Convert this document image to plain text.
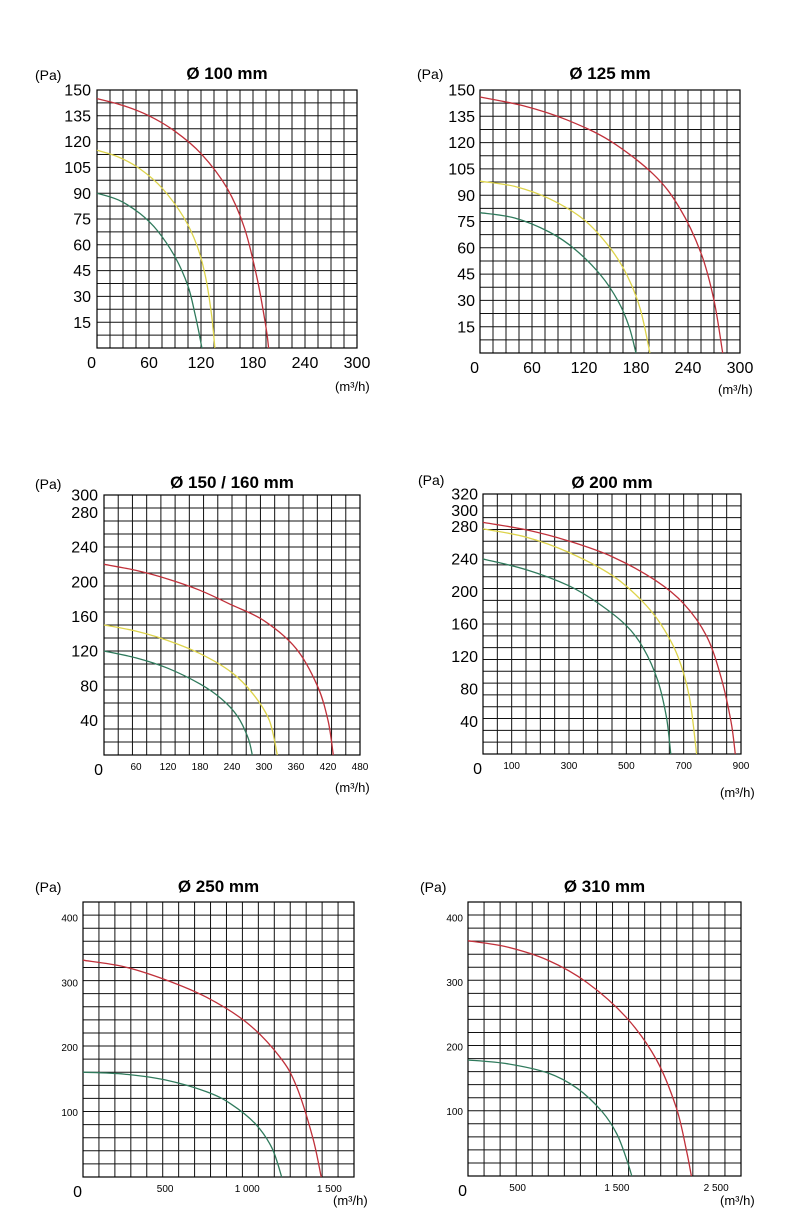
Ø 100 mm
(Pa)
(m³/h)
15
30
45
60
75
90
105
120
135
150
0	60 120 180 240 300
Ø 125 mm
(Pa)
(m³/h)
15
30
45
60
75
90
105
120
135
150
0	60 120 180 240 300
Ø 150 / 160 mm
(Pa)
(m³/h)
40
80
120
160
200
240
280
300
0	60 120 180 240 300 360 420 480
Ø 200 mm
(Pa)
(m³/h)
40
80
120
160
200
240
280
300
320
0 100	300	500	700	900
Ø 250 mm
(Pa)
(m³/h)
100
200
300
400
0	500	1 000	1 500
Ø 310 mm
(Pa)
(m³/h)
100
200
300
400
0	500	1 500	2 500
